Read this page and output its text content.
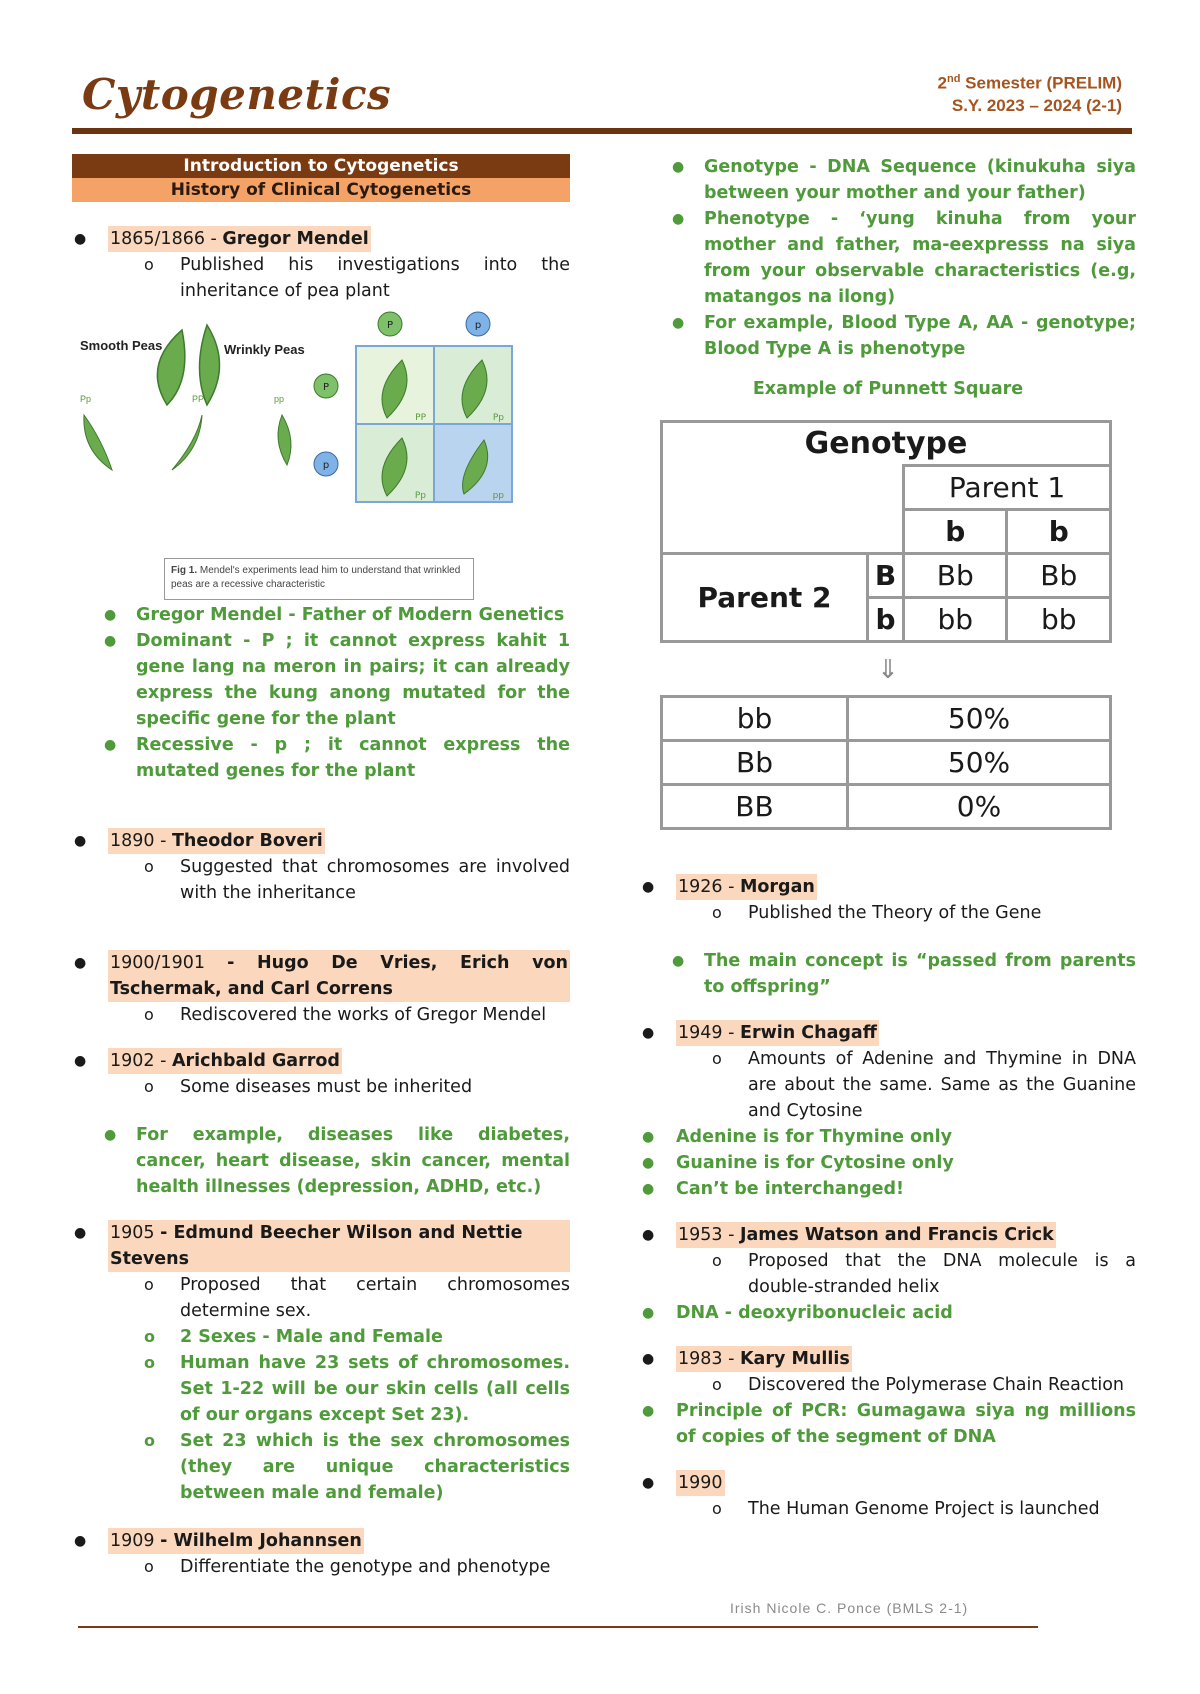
Cytogenetics	2nd Semester (PRELIM)
S.Y. 2023 – 2024 (2-1)
Introduction to Cytogenetics
History of Clinical Cytogenetics
●	1865/1866 - Gregor Mendel
o	Published his investigations into the inheritance of pea plant
Smooth Peas	Wrinkly Peas
Pp	PP	pp
P	p
P
p
PP	Pp
Pp	pp
Fig 1. Mendel's experiments lead him to understand that wrinkled peas are a recessive characteristic
●	Gregor Mendel - Father of Modern Genetics
●	Dominant - P ; it cannot express kahit 1 gene lang na meron in pairs; it can already express the kung anong mutated for the specific gene for the plant
●	Recessive - p ; it cannot express the mutated genes for the plant
●	1890 - Theodor Boveri
o	Suggested that chromosomes are involved with the inheritance
●	1900/1901 - Hugo De Vries, Erich von Tschermak, and Carl Correns
o	Rediscovered the works of Gregor Mendel
●	1902 - Arichbald Garrod
o	Some diseases must be inherited
●	For example, diseases like diabetes, cancer, heart disease, skin cancer, mental health illnesses (depression, ADHD, etc.)
●	1905 - Edmund Beecher Wilson and Nettie Stevens
o	Proposed that certain chromosomes determine sex.
o	2 Sexes - Male and Female
o	Human have 23 sets of chromosomes. Set 1-22 will be our skin cells (all cells of our organs except Set 23).
o	Set 23 which is the sex chromosomes (they are unique characteristics between male and female)
●	1909 - Wilhelm Johannsen
o	Differentiate the genotype and phenotype
●	Genotype - DNA Sequence (kinukuha siya between your mother and your father)
●	Phenotype - ‘yung kinuha from your mother and father, ma-eexpresss na siya from your observable characteristics (e.g, matangos na ilong)
●	For example, Blood Type A, AA - genotype; Blood Type A is phenotype
Example of Punnett Square
Genotype			
		Parent 1	
		b	b
Parent 2	B	Bb	Bb
	b	bb	bb
⇓
bb	50%
Bb	50%
BB	0%
●	1926 - Morgan
o	Published the Theory of the Gene
●	The main concept is “passed from parents to offspring”
●	1949 - Erwin Chagaff
o	Amounts of Adenine and Thymine in DNA are about the same. Same as the Guanine and Cytosine
●	Adenine is for Thymine only
●	Guanine is for Cytosine only
●	Can’t be interchanged!
●	1953 - James Watson and Francis Crick
o	Proposed that the DNA molecule is a double-stranded helix
●	DNA - deoxyribonucleic acid
●	1983 - Kary Mullis
o	Discovered the Polymerase Chain Reaction
●	Principle of PCR: Gumagawa siya ng millions of copies of the segment of DNA
●	1990
o	The Human Genome Project is launched
Irish Nicole C. Ponce (BMLS 2-1)
